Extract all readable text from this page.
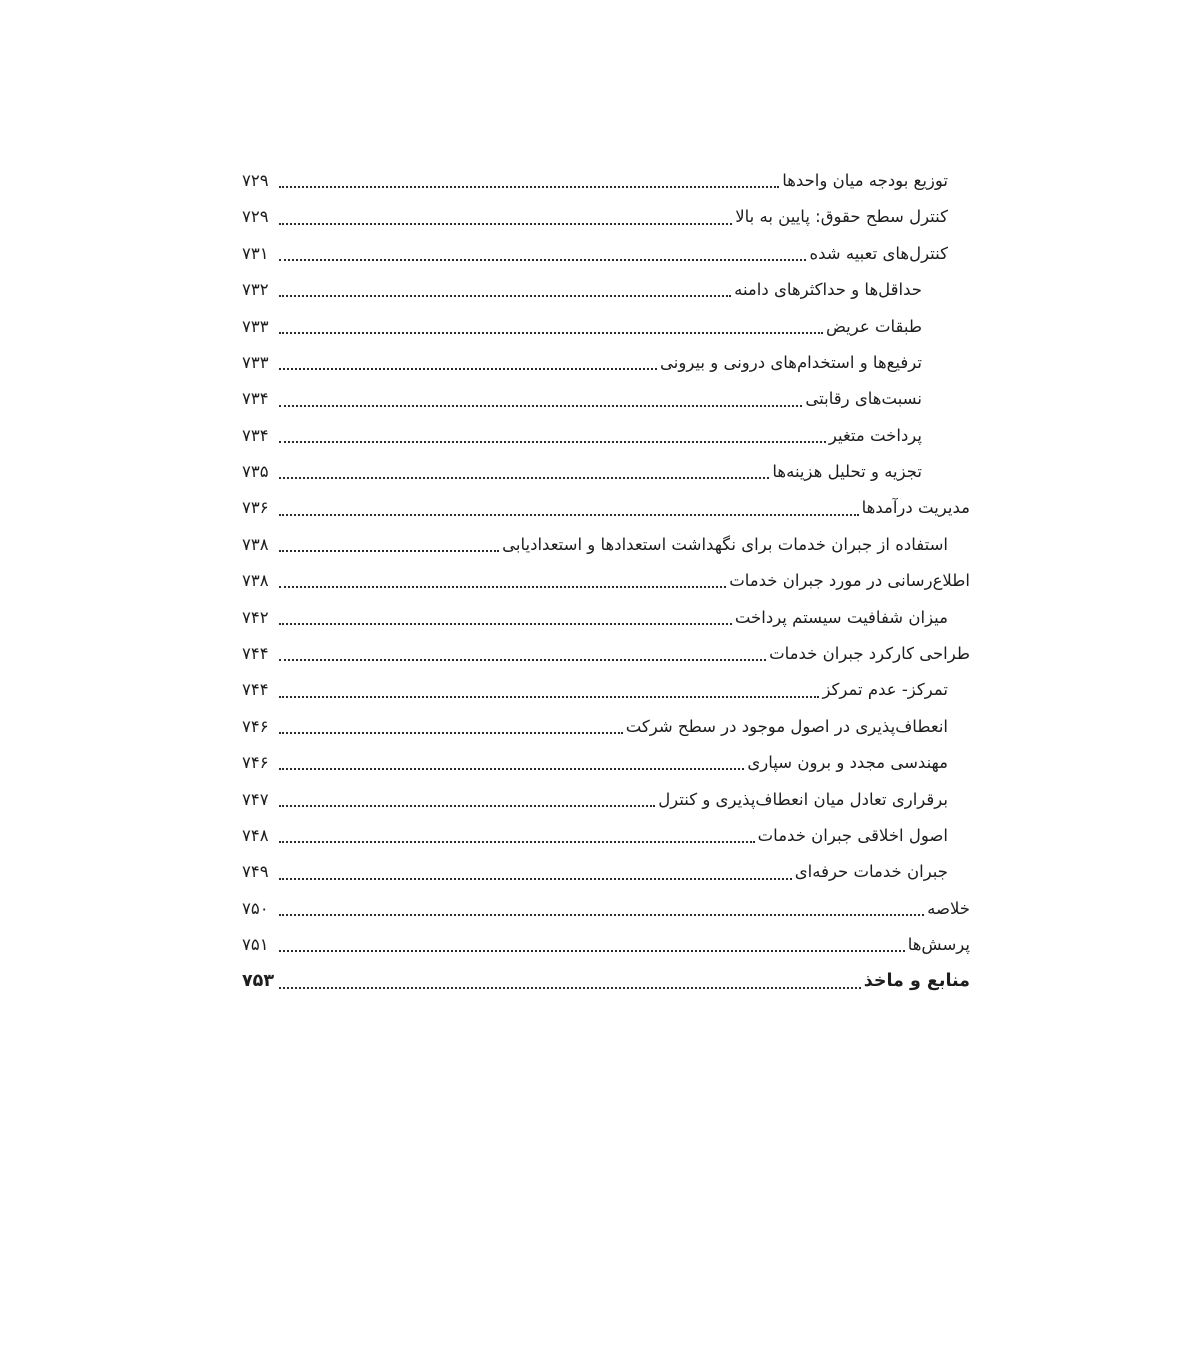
توزیع بودجه میان واحدها
۷۲۹
کنترل سطح حقوق: پایین به بالا
۷۲۹
کنترل‌های تعبیه شده
۷۳۱
حداقل‌ها و حداکثرهای دامنه
۷۳۲
طبقات عریض
۷۳۳
ترفیع‌ها و استخدام‌های درونی و بیرونی
۷۳۳
نسبت‌های رقابتی
۷۳۴
پرداخت متغیر
۷۳۴
تجزیه و تحلیل هزینه‌ها
۷۳۵
مدیریت درآمدها
۷۳۶
استفاده از جبران خدمات برای نگهداشت استعدادها و استعدادیابی
۷۳۸
اطلاع‌رسانی در مورد جبران خدمات
۷۳۸
میزان شفافیت سیستم پرداخت
۷۴۲
طراحی کارکرد جبران خدمات
۷۴۴
تمرکز- عدم تمرکز
۷۴۴
انعطاف‌پذیری در اصول موجود در سطح شرکت
۷۴۶
مهندسی مجدد و برون سپاری
۷۴۶
برقراری تعادل میان انعطاف‌پذیری و کنترل
۷۴۷
اصول اخلاقی جبران خدمات
۷۴۸
جبران خدمات حرفه‌ای
۷۴۹
خلاصه
۷۵۰
پرسش‌ها
۷۵۱
منابع و ماخذ
۷۵۳
